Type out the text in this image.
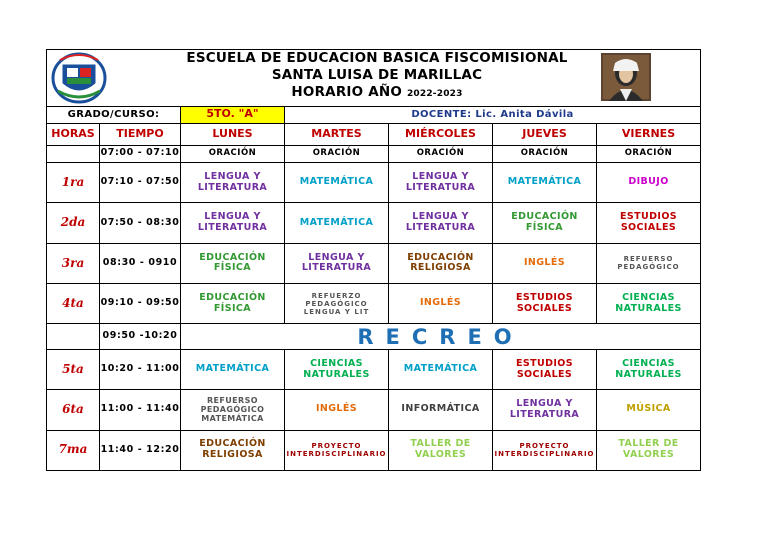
ESCUELA DE EDUCACION BASICA FISCOMISIONAL
SANTA LUISA DE MARILLAC
HORARIO AÑO 2022-2023						

GRADO/CURSO:		5TO. "A"	DOCENTE: Lic. Anita Dávila			
HORAS	TIEMPO	LUNES	MARTES	MIÉRCOLES	JUEVES	VIERNES
	07:00 - 07:10	ORACIÓN	ORACIÓN	ORACIÓN	ORACIÓN	ORACIÓN
1ra	07:10 - 07:50	LENGUA Y LITERATURA	MATEMÁTICA	LENGUA Y LITERATURA	MATEMÁTICA	DIBUJO
2da	07:50 - 08:30	LENGUA Y LITERATURA	MATEMÁTICA	LENGUA Y LITERATURA	EDUCACIÓN FÍSICA	ESTUDIOS SOCIALES
3ra	08:30 - 0910	EDUCACIÓN FÍSICA	LENGUA Y LITERATURA	EDUCACIÓN RELIGIOSA	INGLÉS	REFUERSO PEDAGÓGICO
4ta	09:10 - 09:50	EDUCACIÓN FÍSICA	REFUERZO PEDAGÓGICO LENGUA Y LIT	INGLÉS	ESTUDIOS SOCIALES	CIENCIAS NATURALES
	09:50 -10:20	RECREO				
5ta	10:20 - 11:00	MATEMÁTICA	CIENCIAS NATURALES	MATEMÁTICA	ESTUDIOS SOCIALES	CIENCIAS NATURALES
6ta	11:00 - 11:40	REFUERSO PEDAGÓGICO MATEMÁTICA	INGLÉS	INFORMÁTICA	LENGUA Y LITERATURA	MÚSICA
7ma	11:40 - 12:20	EDUCACIÓN RELIGIOSA	PROYECTO INTERDISCIPLINARIO	TALLER DE VALORES	PROYECTO INTERDISCIPLINARIO	TALLER DE VALORES
